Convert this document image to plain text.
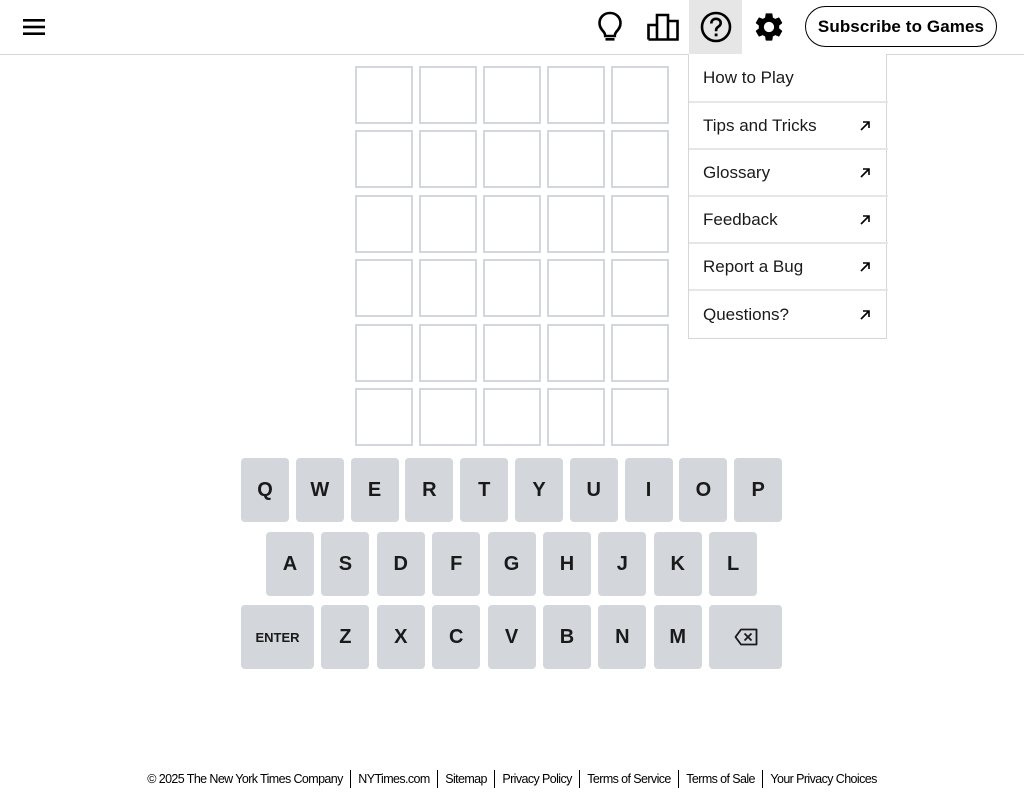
Subscribe to Games
Q	W	E	R	T	Y	U	I	O	P
A	S	D	F	G	H	J	K	L
ENTER	Z	X	C	V	B	N	M
How to Play
Tips and Tricks
Glossary
Feedback
Report a Bug
Questions?
© 2025 The New York Times Company NYTimes.com Sitemap Privacy Policy Terms of Service Terms of Sale Your Privacy Choices
